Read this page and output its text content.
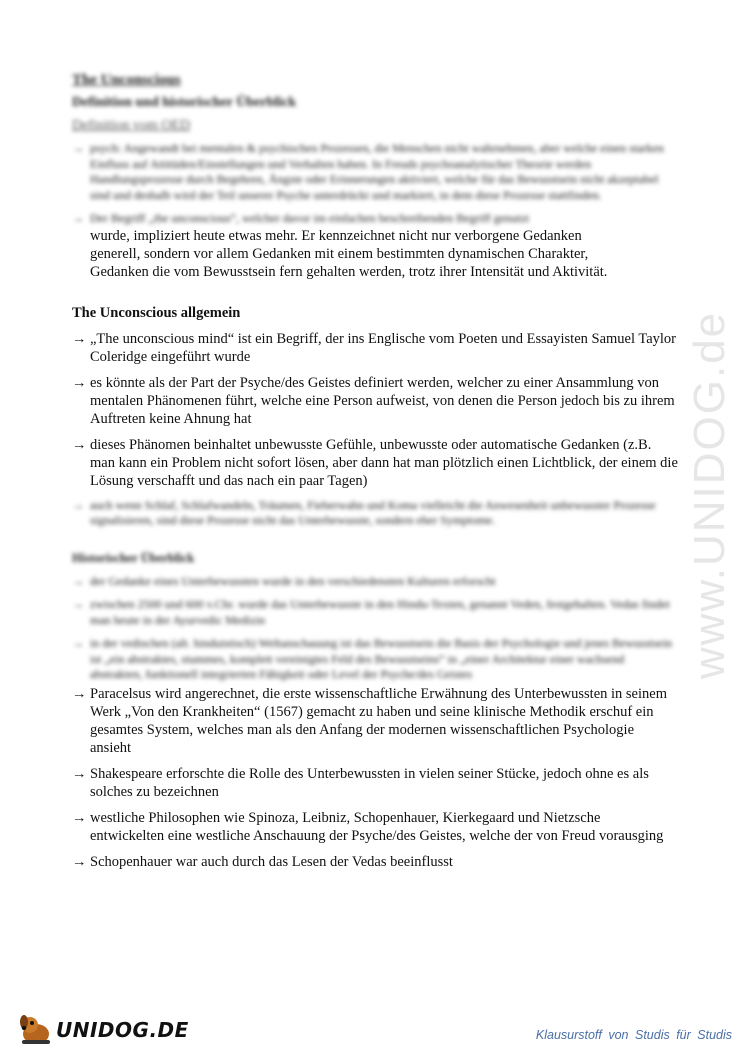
www.UNIDOG.de
The Unconscious
Definition und historischer Überblick
Definition vom OED
→ psych: Angewandt bei mentalen & psychischen Prozessen, die Menschen nicht wahrnehmen, aber welche einen starken Einfluss auf Attitüden/Einstellungen und Verhalten haben. In Freuds psychoanalytischer Theorie werden Handlungsprozesse durch Begehren, Ängste oder Erinnerungen aktiviert, welche für das Bewusstsein nicht akzeptabel sind und deshalb wird der Teil unserer Psyche unterdrückt und markiert, in dem diese Prozesse stattfinden.
→ Der Begriff „the unconscious“, welcher davor im einfachen beschreibenden Begriff genutzt
wurde, impliziert heute etwas mehr. Er kennzeichnet nicht nur verborgene Gedanken
generell, sondern vor allem Gedanken mit einem bestimmten dynamischen Charakter,
Gedanken die vom Bewusstsein fern gehalten werden, trotz ihrer Intensität und Aktivität.
The Unconscious allgemein
→ „The unconscious mind“ ist ein Begriff, der ins Englische vom Poeten und Essayisten Samuel Taylor Coleridge eingeführt wurde
→ es könnte als der Part der Psyche/des Geistes definiert werden, welcher zu einer Ansammlung von mentalen Phänomenen führt, welche eine Person aufweist, von denen die Person jedoch bis zu ihrem Auftreten keine Ahnung hat
→ dieses Phänomen beinhaltet unbewusste Gefühle, unbewusste oder automatische Gedanken (z.B. man kann ein Problem nicht sofort lösen, aber dann hat man plötzlich einen Lichtblick, der einem die Lösung verschafft und das nach ein paar Tagen)
→ auch wenn Schlaf, Schlafwandeln, Träumen, Fieberwahn und Koma vielleicht die Anwesenheit unbewusster Prozesse signalisieren, sind diese Prozesse nicht das Unterbewusste, sondern eher Symptome.
Historischer Überblick
→ der Gedanke eines Unterbewussten wurde in den verschiedensten Kulturen erforscht
→ zwischen 2500 und 600 v.Chr. wurde das Unterbewusste in den Hindu-Texten, genannt Veden, festgehalten. Vedas findet man heute in der Ayurvedic Medizin
→ in der vedischen (alt. hinduistisch) Weltanschauung ist das Bewusstsein die Basis der Psychologie und jenes Bewusstsein ist „ein abstraktes, stummes, komplett vereinigtes Feld des Bewusstseins“ in „einer Architektur einer wachsend abstrakten, funktionell integrierten Fähigkeit oder Level der Psyche/des Geistes
→ Paracelsus wird angerechnet, die erste wissenschaftliche Erwähnung des Unterbewussten in seinem Werk „Von den Krankheiten“ (1567) gemacht zu haben und seine klinische Methodik erschuf ein gesamtes System, welches man als den Anfang der modernen wissenschaftlichen Psychologie ansieht
→ Shakespeare erforschte die Rolle des Unterbewussten in vielen seiner Stücke, jedoch ohne es als solches zu bezeichnen
→ westliche Philosophen wie Spinoza, Leibniz, Schopenhauer, Kierkegaard und Nietzsche entwickelten eine westliche Anschauung der Psyche/des Geistes, welche der von Freud vorausging
→ Schopenhauer war auch durch das Lesen der Vedas beeinflusst
UNIDOG.DE	Klausurstoff von Studis für Studis
